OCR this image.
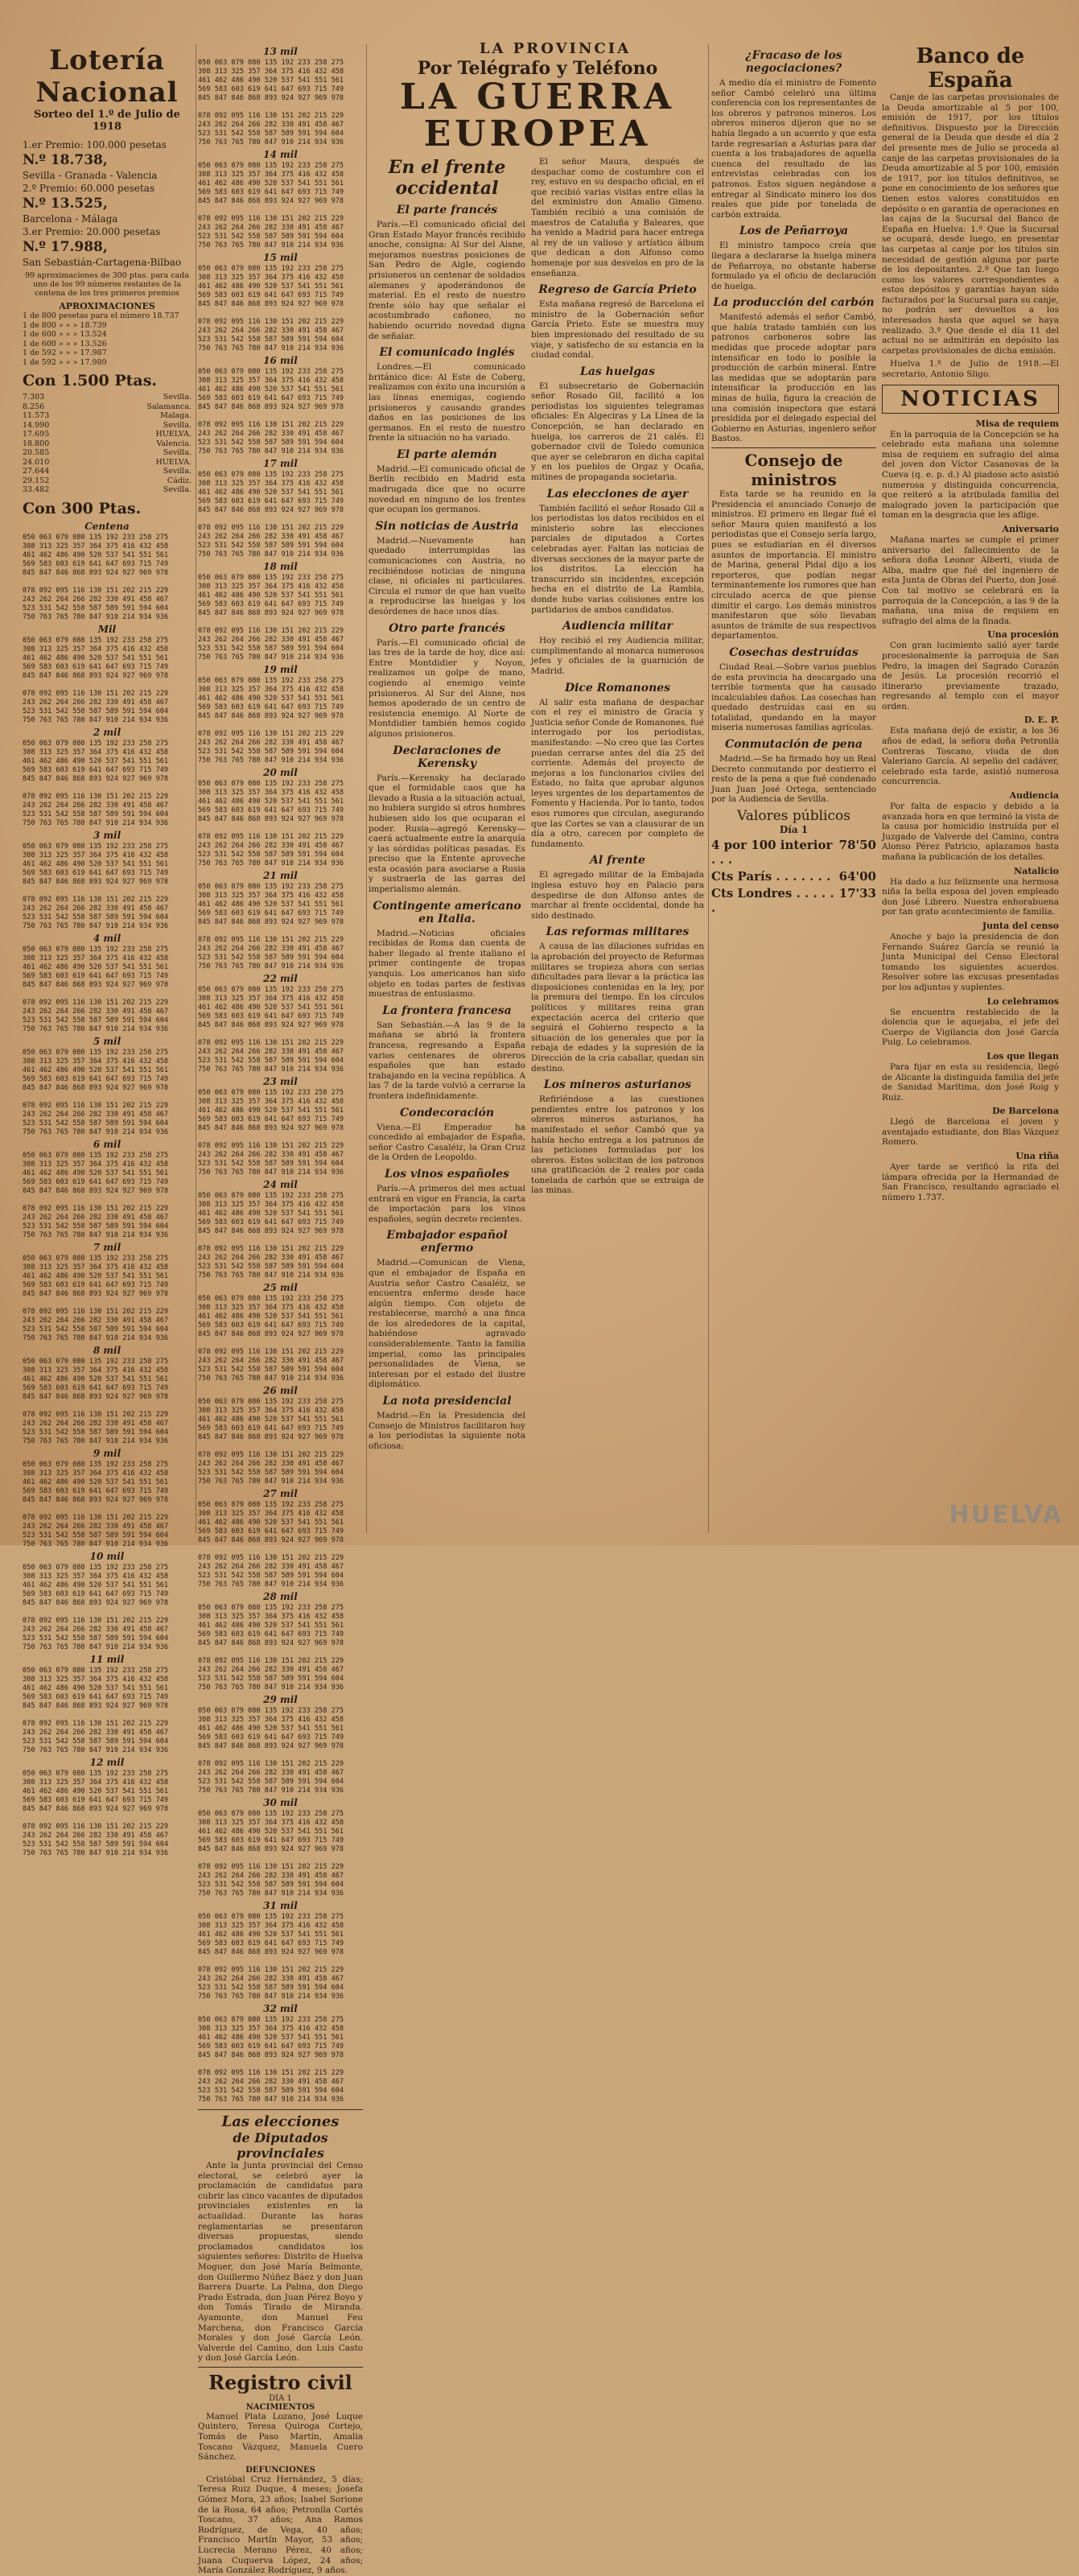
LA PROVINCIA
Lotería Nacional
Sorteo del 1.º de Julio de 1918
1.er Premio: 100.000 pesetas
N.º 18.738,
Sevilla - Granada - Valencia
2.º Premio: 60.000 pesetas
N.º 13.525,
Barcelona - Málaga
3.er Premio: 20.000 pesetas
N.º 17.988,
San Sebastián-Cartagena-Bilbao
99 aproximaciones de 300 ptas. para cada uno de los 99 números restantes de la centena de los tres primeros premios
APROXIMACIONES
1 de 800 pesetas para el número 18.737
1 de 800 » » » 18.739
1 de 600 » » » 13.524
1 de 600 » » » 13.526
1 de 592 » » » 17.987
1 de 592 » » » 17.989
Con 1.500 Ptas.
7.303	Sevilla.
8.256	Salamanca.
11.573	Malaga.
14.990	Sevilla.
17.695	HUELVA.
18.800	Valencia.
20.585	Sevilla.
24.010	HUELVA.
27.644	Sevilla.
29.152	Cádiz.
33.482	Sevilla.
Con 300 Ptas.
Centena
050 063 079 080 135 192 233 258 275
308 313 325 357 364 375 416 432 458
461 462 486 490 520 537 541 551 561
569 583 603 619 641 647 693 715 749
845 847 846 868 893 924 927 969 978

078 092 095 116 130 151 202 215 229
243 262 264 266 282 330 491 458 467
523 531 542 558 587 589 591 594 604
750 763 765 780 847 910 214 934 936
Mil
050 063 079 080 135 192 233 258 275
308 313 325 357 364 375 416 432 458
461 462 486 490 520 537 541 551 561
569 583 603 619 641 647 693 715 749
845 847 846 868 893 924 927 969 978

078 092 095 116 130 151 202 215 229
243 262 264 266 282 330 491 458 467
523 531 542 558 587 589 591 594 604
750 763 765 780 847 910 214 934 936
2 mil
050 063 079 080 135 192 233 258 275
308 313 325 357 364 375 416 432 458
461 462 486 490 520 537 541 551 561
569 583 603 619 641 647 693 715 749
845 847 846 868 893 924 927 969 978

078 092 095 116 130 151 202 215 229
243 262 264 266 282 330 491 458 467
523 531 542 558 587 589 591 594 604
750 763 765 780 847 910 214 934 936
3 mil
050 063 079 080 135 192 233 258 275
308 313 325 357 364 375 416 432 458
461 462 486 490 520 537 541 551 561
569 583 603 619 641 647 693 715 749
845 847 846 868 893 924 927 969 978

078 092 095 116 130 151 202 215 229
243 262 264 266 282 330 491 458 467
523 531 542 558 587 589 591 594 604
750 763 765 780 847 910 214 934 936
4 mil
050 063 079 080 135 192 233 258 275
308 313 325 357 364 375 416 432 458
461 462 486 490 520 537 541 551 561
569 583 603 619 641 647 693 715 749
845 847 846 868 893 924 927 969 978

078 092 095 116 130 151 202 215 229
243 262 264 266 282 330 491 458 467
523 531 542 558 587 589 591 594 604
750 763 765 780 847 910 214 934 936
5 mil
050 063 079 080 135 192 233 258 275
308 313 325 357 364 375 416 432 458
461 462 486 490 520 537 541 551 561
569 583 603 619 641 647 693 715 749
845 847 846 868 893 924 927 969 978

078 092 095 116 130 151 202 215 229
243 262 264 266 282 330 491 458 467
523 531 542 558 587 589 591 594 604
750 763 765 780 847 910 214 934 936
6 mil
050 063 079 080 135 192 233 258 275
308 313 325 357 364 375 416 432 458
461 462 486 490 520 537 541 551 561
569 583 603 619 641 647 693 715 749
845 847 846 868 893 924 927 969 978

078 092 095 116 130 151 202 215 229
243 262 264 266 282 330 491 458 467
523 531 542 558 587 589 591 594 604
750 763 765 780 847 910 214 934 936
7 mil
050 063 079 080 135 192 233 258 275
308 313 325 357 364 375 416 432 458
461 462 486 490 520 537 541 551 561
569 583 603 619 641 647 693 715 749
845 847 846 868 893 924 927 969 978

078 092 095 116 130 151 202 215 229
243 262 264 266 282 330 491 458 467
523 531 542 558 587 589 591 594 604
750 763 765 780 847 910 214 934 936
8 mil
050 063 079 080 135 192 233 258 275
308 313 325 357 364 375 416 432 458
461 462 486 490 520 537 541 551 561
569 583 603 619 641 647 693 715 749
845 847 846 868 893 924 927 969 978

078 092 095 116 130 151 202 215 229
243 262 264 266 282 330 491 458 467
523 531 542 558 587 589 591 594 604
750 763 765 780 847 910 214 934 936
9 mil
050 063 079 080 135 192 233 258 275
308 313 325 357 364 375 416 432 458
461 462 486 490 520 537 541 551 561
569 583 603 619 641 647 693 715 749
845 847 846 868 893 924 927 969 978

078 092 095 116 130 151 202 215 229
243 262 264 266 282 330 491 458 467
523 531 542 558 587 589 591 594 604
750 763 765 780 847 910 214 934 936
10 mil
050 063 079 080 135 192 233 258 275
308 313 325 357 364 375 416 432 458
461 462 486 490 520 537 541 551 561
569 583 603 619 641 647 693 715 749
845 847 846 868 893 924 927 969 978

078 092 095 116 130 151 202 215 229
243 262 264 266 282 330 491 458 467
523 531 542 558 587 589 591 594 604
750 763 765 780 847 910 214 934 936
11 mil
050 063 079 080 135 192 233 258 275
308 313 325 357 364 375 416 432 458
461 462 486 490 520 537 541 551 561
569 583 603 619 641 647 693 715 749
845 847 846 868 893 924 927 969 978

078 092 095 116 130 151 202 215 229
243 262 264 266 282 330 491 458 467
523 531 542 558 587 589 591 594 604
750 763 765 780 847 910 214 934 936
12 mil
050 063 079 080 135 192 233 258 275
308 313 325 357 364 375 416 432 458
461 462 486 490 520 537 541 551 561
569 583 603 619 641 647 693 715 749
845 847 846 868 893 924 927 969 978

078 092 095 116 130 151 202 215 229
243 262 264 266 282 330 491 458 467
523 531 542 558 587 589 591 594 604
750 763 765 780 847 910 214 934 936
13 mil
050 063 079 080 135 192 233 258 275
308 313 325 357 364 375 416 432 458
461 462 486 490 520 537 541 551 561
569 583 603 619 641 647 693 715 749
845 847 846 868 893 924 927 969 978

078 092 095 116 130 151 202 215 229
243 262 264 266 282 330 491 458 467
523 531 542 558 587 589 591 594 604
750 763 765 780 847 910 214 934 936
14 mil
050 063 079 080 135 192 233 258 275
308 313 325 357 364 375 416 432 458
461 462 486 490 520 537 541 551 561
569 583 603 619 641 647 693 715 749
845 847 846 868 893 924 927 969 978

078 092 095 116 130 151 202 215 229
243 262 264 266 282 330 491 458 467
523 531 542 558 587 589 591 594 604
750 763 765 780 847 910 214 934 936
15 mil
050 063 079 080 135 192 233 258 275
308 313 325 357 364 375 416 432 458
461 462 486 490 520 537 541 551 561
569 583 603 619 641 647 693 715 749
845 847 846 868 893 924 927 969 978

078 092 095 116 130 151 202 215 229
243 262 264 266 282 330 491 458 467
523 531 542 558 587 589 591 594 604
750 763 765 780 847 910 214 934 936
16 mil
050 063 079 080 135 192 233 258 275
308 313 325 357 364 375 416 432 458
461 462 486 490 520 537 541 551 561
569 583 603 619 641 647 693 715 749
845 847 846 868 893 924 927 969 978

078 092 095 116 130 151 202 215 229
243 262 264 266 282 330 491 458 467
523 531 542 558 587 589 591 594 604
750 763 765 780 847 910 214 934 936
17 mil
050 063 079 080 135 192 233 258 275
308 313 325 357 364 375 416 432 458
461 462 486 490 520 537 541 551 561
569 583 603 619 641 647 693 715 749
845 847 846 868 893 924 927 969 978

078 092 095 116 130 151 202 215 229
243 262 264 266 282 330 491 458 467
523 531 542 558 587 589 591 594 604
750 763 765 780 847 910 214 934 936
18 mil
050 063 079 080 135 192 233 258 275
308 313 325 357 364 375 416 432 458
461 462 486 490 520 537 541 551 561
569 583 603 619 641 647 693 715 749
845 847 846 868 893 924 927 969 978

078 092 095 116 130 151 202 215 229
243 262 264 266 282 330 491 458 467
523 531 542 558 587 589 591 594 604
750 763 765 780 847 910 214 934 936
19 mil
050 063 079 080 135 192 233 258 275
308 313 325 357 364 375 416 432 458
461 462 486 490 520 537 541 551 561
569 583 603 619 641 647 693 715 749
845 847 846 868 893 924 927 969 978

078 092 095 116 130 151 202 215 229
243 262 264 266 282 330 491 458 467
523 531 542 558 587 589 591 594 604
750 763 765 780 847 910 214 934 936
20 mil
050 063 079 080 135 192 233 258 275
308 313 325 357 364 375 416 432 458
461 462 486 490 520 537 541 551 561
569 583 603 619 641 647 693 715 749
845 847 846 868 893 924 927 969 978

078 092 095 116 130 151 202 215 229
243 262 264 266 282 330 491 458 467
523 531 542 558 587 589 591 594 604
750 763 765 780 847 910 214 934 936
21 mil
050 063 079 080 135 192 233 258 275
308 313 325 357 364 375 416 432 458
461 462 486 490 520 537 541 551 561
569 583 603 619 641 647 693 715 749
845 847 846 868 893 924 927 969 978

078 092 095 116 130 151 202 215 229
243 262 264 266 282 330 491 458 467
523 531 542 558 587 589 591 594 604
750 763 765 780 847 910 214 934 936
22 mil
050 063 079 080 135 192 233 258 275
308 313 325 357 364 375 416 432 458
461 462 486 490 520 537 541 551 561
569 583 603 619 641 647 693 715 749
845 847 846 868 893 924 927 969 978

078 092 095 116 130 151 202 215 229
243 262 264 266 282 330 491 458 467
523 531 542 558 587 589 591 594 604
750 763 765 780 847 910 214 934 936
23 mil
050 063 079 080 135 192 233 258 275
308 313 325 357 364 375 416 432 458
461 462 486 490 520 537 541 551 561
569 583 603 619 641 647 693 715 749
845 847 846 868 893 924 927 969 978

078 092 095 116 130 151 202 215 229
243 262 264 266 282 330 491 458 467
523 531 542 558 587 589 591 594 604
750 763 765 780 847 910 214 934 936
24 mil
050 063 079 080 135 192 233 258 275
308 313 325 357 364 375 416 432 458
461 462 486 490 520 537 541 551 561
569 583 603 619 641 647 693 715 749
845 847 846 868 893 924 927 969 978

078 092 095 116 130 151 202 215 229
243 262 264 266 282 330 491 458 467
523 531 542 558 587 589 591 594 604
750 763 765 780 847 910 214 934 936
25 mil
050 063 079 080 135 192 233 258 275
308 313 325 357 364 375 416 432 458
461 462 486 490 520 537 541 551 561
569 583 603 619 641 647 693 715 749
845 847 846 868 893 924 927 969 978

078 092 095 116 130 151 202 215 229
243 262 264 266 282 330 491 458 467
523 531 542 558 587 589 591 594 604
750 763 765 780 847 910 214 934 936
26 mil
050 063 079 080 135 192 233 258 275
308 313 325 357 364 375 416 432 458
461 462 486 490 520 537 541 551 561
569 583 603 619 641 647 693 715 749
845 847 846 868 893 924 927 969 978

078 092 095 116 130 151 202 215 229
243 262 264 266 282 330 491 458 467
523 531 542 558 587 589 591 594 604
750 763 765 780 847 910 214 934 936
27 mil
050 063 079 080 135 192 233 258 275
308 313 325 357 364 375 416 432 458
461 462 486 490 520 537 541 551 561
569 583 603 619 641 647 693 715 749
845 847 846 868 893 924 927 969 978

078 092 095 116 130 151 202 215 229
243 262 264 266 282 330 491 458 467
523 531 542 558 587 589 591 594 604
750 763 765 780 847 910 214 934 936
28 mil
050 063 079 080 135 192 233 258 275
308 313 325 357 364 375 416 432 458
461 462 486 490 520 537 541 551 561
569 583 603 619 641 647 693 715 749
845 847 846 868 893 924 927 969 978

078 092 095 116 130 151 202 215 229
243 262 264 266 282 330 491 458 467
523 531 542 558 587 589 591 594 604
750 763 765 780 847 910 214 934 936
29 mil
050 063 079 080 135 192 233 258 275
308 313 325 357 364 375 416 432 458
461 462 486 490 520 537 541 551 561
569 583 603 619 641 647 693 715 749
845 847 846 868 893 924 927 969 978

078 092 095 116 130 151 202 215 229
243 262 264 266 282 330 491 458 467
523 531 542 558 587 589 591 594 604
750 763 765 780 847 910 214 934 936
30 mil
050 063 079 080 135 192 233 258 275
308 313 325 357 364 375 416 432 458
461 462 486 490 520 537 541 551 561
569 583 603 619 641 647 693 715 749
845 847 846 868 893 924 927 969 978

078 092 095 116 130 151 202 215 229
243 262 264 266 282 330 491 458 467
523 531 542 558 587 589 591 594 604
750 763 765 780 847 910 214 934 936
31 mil
050 063 079 080 135 192 233 258 275
308 313 325 357 364 375 416 432 458
461 462 486 490 520 537 541 551 561
569 583 603 619 641 647 693 715 749
845 847 846 868 893 924 927 969 978

078 092 095 116 130 151 202 215 229
243 262 264 266 282 330 491 458 467
523 531 542 558 587 589 591 594 604
750 763 765 780 847 910 214 934 936
32 mil
050 063 079 080 135 192 233 258 275
308 313 325 357 364 375 416 432 458
461 462 486 490 520 537 541 551 561
569 583 603 619 641 647 693 715 749
845 847 846 868 893 924 927 969 978

078 092 095 116 130 151 202 215 229
243 262 264 266 282 330 491 458 467
523 531 542 558 587 589 591 594 604
750 763 765 780 847 910 214 934 936
Las elecciones
de Diputados provinciales

Ante la Junta provincial del Censo electoral, se celebró ayer la proclamación de candidatos para cubrir las cinco vacantes de diputados provinciales existentes en la actualidad. Durante las horas reglamentarias se presentaron diversas propuestas, siendo proclamados candidatos los siguientes señores: Distrito de Huelva Moguer, don José María Belmonte, don Guillermo Núñez Báez y don Juan Barrera Duarte. La Palma, don Diego Prado Estrada, don Juan Pérez Boyo y don Tomás Tirado de Miranda. Ayamonte, don Manuel Feu Marchena, don Francisco García Morales y don José García León. Valverde del Camino, don Luis Casto y don José García León.

Registro civil
DIA 1
NACIMIENTOS

Manuel Plata Lozano, José Luque Quintero, Teresa Quiroga Cortejo, Tomás de Paso Martín, Amalia Toscano Vázquez, Manuela Cuero Sánchez.

DEFUNCIONES

Cristóbal Cruz Hernández, 5 días; Teresa Ruiz Duque, 4 meses; Josefa Gómez Mora, 23 años; Isabel Sorione de la Rosa, 64 años; Petronila Cortés Toscano, 37 años; Ana Ramos Rodríguez, de Vega, 40 años; Francisco Martín Mayor, 53 años; Lucrecia Merano Pérez, 40 años; Juana Cuquerva López, 24 años; María González Rodríguez, 9 años.

Por Telégrafo y Teléfono
LA GUERRA EUROPEA
En el frente occidental
El parte francés

París.—El comunicado oficial del Gran Estado Mayor francés recibido anoche, consigna: Al Sur del Aisne, mejoramos nuestras posiciones de San Pedro de Aigle, cogiendo prisioneros un centenar de soldados alemanes y apoderándonos de material. En el resto de nuestro frente sólo hay que señalar el acostumbrado cañoneo, no habiendo ocurrido novedad digna de señalar.

El comunicado inglés

Londres.—El comunicado británico dice: Al Este de Coberg, realizamos con éxito una incursión a las líneas enemigas, cogiendo prisioneros y causando grandes daños en las posiciones de los germanos. En el resto de nuestro frente la situación no ha variado.

El parte alemán

Madrid.—El comunicado oficial de Berlín recibido en Madrid esta madrugada dice que no ocurre novedad en ninguno de los frentes que ocupan los germanos.

Sin noticias de Austria

Madrid.—Nuevamente han quedado interrumpidas las comunicaciones con Austria, no recibiéndose noticias de ninguna clase, ni oficiales ni particulares. Circula el rumor de que han vuelto a reproducirse las huelgas y los desórdenes de hace unos días.

Otro parte francés

París.—El comunicado oficial de las tres de la tarde de hoy, dice así: Entre Montdidier y Noyon, realizamos un golpe de mano, cogiendo al enemigo veinte prisioneros. Al Sur del Aisne, nos hemos apoderado de un centro de resistencia enemigo. Al Norte de Montdidier también hemos cogido algunos prisioneros.

Declaraciones de Kerensky

París.—Kerensky ha declarado que el formidable caos que ha llevado a Rusia a la situación actual, no hubiera surgido si otros hombres hubiesen sido los que ocuparan el poder. Rusia—agregó Kerensky—caerá actualmente entre la anarquía y las sórdidas políticas pasadas. Es preciso que la Entente aproveche esta ocasión para asociarse a Rusia y sustraerla de las garras del imperialismo alemán.

Contingente americano en Italia.

Madrid.—Noticias oficiales recibidas de Roma dan cuenta de haber llegado al frente italiano el primer contingente de tropas yanquis. Los americanos han sido objeto en todas partes de festivas muestras de entusiasmo.

La frontera francesa

San Sebastián.—A las 9 de la mañana se abrió la frontera francesa, regresando a España varios centenares de obreros españoles que han estado trabajando en la vecina república. A las 7 de la tarde volvió a cerrarse la frontera indefinidamente.

Condecoración

Viena.—El Emperador ha concedido al embajador de España, señor Castro Casaléiz, la Gran Cruz de la Orden de Leopoldo.

Los vinos españoles

París.—A primeros del mes actual entrará en vigor en Francia, la carta de importación para los vinos españoles, según decreto recientes.

Embajador español enfermo

Madrid.—Comunican de Viena, que el embajador de España en Austria señor Castro Casaléiz, se encuentra enfermo desde hace algún tiempo. Con objeto de restablecerse, marchó a una finca de los alrededores de la capital, habiéndose agravado considerablemente. Tanto la familia imperial, como las principales personalidades de Viena, se interesan por el estado del ilustre diplomático.

La nota presidencial

Madrid.—En la Presidencia del Consejo de Ministros facilitaron hoy a los periodistas la siguiente nota oficiosa:

El señor Maura, después de despachar como de costumbre con el rey, estuvo en su despacho oficial, en el que recibió varias visitas entre ellas la del exministro don Amalio Gimeno. También recibió a una comisión de maestros de Cataluña y Baleares, que ha venido a Madrid para hacer entrega al rey de un valioso y artístico álbum que dedican a don Alfonso como homenaje por sus desvelos en pro de la enseñanza.

Regreso de García Prieto

Esta mañana regresó de Barcelona el ministro de la Gobernación señor García Prieto. Este se muestra muy bien impresionado del resultado de su viaje, y satisfecho de su estancia en la ciudad condal.

Las huelgas

El subsecretario de Gobernación señor Rosado Gil, facilitó a los periodistas los siguientes telegramas oficiales: En Algeciras y La Línea de la Concepción, se han declarado en huelga, los carreros de 21 calés. El gobernador civil de Toledo comunica que ayer se celebraron en dicha capital y en los pueblos de Orgaz y Ocaña, mitines de propaganda societaria.

Las elecciones de ayer

También facilitó el señor Rosado Gil a los periodistas los datos recibidos en el ministerio sobre las elecciones parciales de diputados a Cortes celebradas ayer. Faltan las noticias de diversas secciones de la mayor parte de los distritos. La elección ha transcurrido sin incidentes, excepción hecha en el distrito de La Rambla, donde hubo varias colisiones entre los partidarios de ambos candidatos.

Audiencia militar

Hoy recibió el rey Audiencia militar, cumplimentando al monarca numerosos jefes y oficiales de la guarnición de Madrid.

Dice Romanones

Al salir esta mañana de despachar con el rey el ministro de Gracia y Justicia señor Conde de Romanones, fué interrogado por los periodistas, manifestando: —No creo que las Cortes puedan cerrarse antes del día 25 del corriente. Además del proyecto de mejoras a los funcionarios civiles del Estado, no falta que aprobar algunos leyes urgentes de los departamentos de Fomento y Hacienda. Por lo tanto, todos esos rumores que circulan, asegurando que las Cortes se van a clausurar de un día a otro, carecen por completo de fundamento.

Al frente

El agregado militar de la Embajada inglesa estuvo hoy en Palacio para despedirse de don Alfonso antes de marchar al frente occidental, donde ha sido destinado.

Las reformas militares

A causa de las dilaciones sufridas en la aprobación del proyecto de Reformas militares se tropieza ahora con serias dificultades para llevar a la práctica las disposiciones contenidas en la ley, por la premura del tiempo. En los círculos políticos y militares reina gran expectación acerca del criterio que seguirá el Gobierno respecto a la situación de los generales que por la rebaja de edades y la supresión de la Dirección de la cría caballar, quedan sin destino.

Los mineros asturianos

Refiriéndose a las cuestiones pendientes entre los patronos y los obreros mineros asturianos, ha manifestado el señor Cambó que ya había hecho entrega a los patronos de las peticiones formuladas por los obreros. Estos solicitan de los patronos una gratificación de 2 reales por cada tonelada de carbón que se extraiga de las minas.

¿Fracaso de los negociaciones?

A medio día el ministro de Fomento señor Cambó celebró una última conferencia con los representantes de los obreros y patronos mineros. Los obreros mineros dijeron que no se había llegado a un acuerdo y que esta tarde regresarían a Asturias para dar cuenta a los trabajadores de aquella cuenca del resultado de las entrevistas celebradas con los patronos. Estos siguen negándose a entregar al Sindicato minero los dos reales que pide por tonelada de carbón extraída.

Los de Peñarroya

El ministro tampoco creía que llegara a declararse la huelga minera de Peñarroya, no obstante haberse formulado ya el oficio de declaración de huelga.

La producción del carbón

Manifestó además el señor Cambó, que había tratado también con los patronos carboneros sobre las medidas que procede adoptar para intensificar en todo lo posible la producción de carbón mineral. Entre las medidas que se adoptarán para intensificar la producción en las minas de hulla, figura la creación de una comisión inspectora que estará presidida por el delegado especial del Gobierno en Asturias, ingeniero señor Bastos.

Consejo de ministros

Esta tarde se ha reunido en la Presidencia el anunciado Consejo de ministros. El primero en llegar fué el señor Maura quien manifestó a los periodistas que el Consejo sería largo, pues se estudiarían en él diversos asuntos de importancia. El ministro de Marina, general Pidal dijo a los reporteros, que podían negar terminantemente los rumores que han circulado acerca de que piense dimitir el cargo. Los demás ministros manifestaron que sólo llevaban asuntos de trámite de sus respectivos departamentos.

Cosechas destruídas

Ciudad Real.—Sobre varios pueblos de esta provincia ha descargado una terrible tormenta que ha causado incalculables daños. Las cosechas han quedado destruídas casi en su totalidad, quedando en la mayor miseria numerosas familias agrícolas.

Conmutación de pena

Madrid.—Se ha firmado hoy un Real Decreto conmutando por destierro el resto de la pena a que fué condenado Juan Juan José Ortega, sentenciado por la Audiencia de Sevilla.

Valores públicos
Día 1
4 por 100 interior . . .
78'50
Cts París . . . . . . . 64'00
Cts Londres . . . . . .
17'33
Banco de España

Canje de las carpetas provisionales de la Deuda amortizable al 5 por 100, emisión de 1917, por los títulos definitivos. Dispuesto por la Dirección general de la Deuda que desde el día 2 del presente mes de Julio se proceda al canje de las carpetas provisionales de la Deuda amortizable al 5 por 100, emisión de 1917, por los títulos definitivos, se pone en conocimiento de los señores que tienen estos valores constituídos en depósito o en garantía de operaciones en las cajas de la Sucursal del Banco de España en Huelva: 1.º Que la Sucursal se ocupará, desde luego, en presentar las carpetas al canje por los títulos sin necesidad de gestión alguna por parte de los depositantes. 2.º Que tan luego como los valores correspondientes a estos depósitos y garantías hayan sido facturados por la Sucursal para su canje, no podrán ser devueltos a los interesados hasta que aquel se haya realizado. 3.º Que desde el día 11 del actual no se admitirán en depósito las carpetas provisionales de dicha emisión.

Huelva 1.º de Julio de 1918.—El secretario, Antonio Sligo.

NOTICIAS
Misa de requiem

En la parroquia de la Concepción se ha celebrado esta mañana una solemne misa de requiem en sufragio del alma del joven don Víctor Casanovas de la Cueva (q. e. p. d.) Al piadoso acto asistió numerosa y distinguida concurrencia, que reiteró a la atribulada familia del malogrado joven la participación que toman en la desgracia que les aflige.

Aniversario

Mañana martes se cumple el primer aniversario del fallecimiento de la señora doña Leonor Alberti, viuda de Alba, madre que fué del ingeniero de esta Junta de Obras del Puerto, don José. Con tal motivo se celebrará en la parroquia de la Concepción, a las 9 de la mañana, una misa de requiem en sufragio del alma de la finada.

Una procesión

Con gran lucimiento salió ayer tarde procesionalmente la parroquia de San Pedro, la imagen del Sagrado Corazón de Jesús. La procesión recorrió el itinerario previamente trazado, regresando al templo con el mayor orden.

D. E. P.

Esta mañana dejó de existir, a los 36 años de edad, la señora doña Petronila Contreras Toscano, viuda de don Valeriano García. Al sepelio del cadáver, celebrado esta tarde, asistió numerosa concurrencia.

Audiencia

Por falta de espacio y debido a la avanzada hora en que terminó la vista de la causa por homicidio instruída por el Juzgado de Valverde del Camino, contra Alonso Pérez Patricio, aplazamos hasta mañana la publicación de los detalles.

Natalicio

Ha dado a luz felizmente una hermosa niña la bella esposa del joven empleado don José Librero. Nuestra enhorabuena por tan grato acontecimiento de familia.

Junta del censo

Anoche y bajo la presidencia de don Fernando Suárez García se reunió la Junta Municipal del Censo Electoral tomando los siguientes acuerdos. Resolver sobre las excusas presentadas por los adjuntos y suplentes.

Lo celebramos

Se encuentra restablecido de la dolencia que le aquejaba, el jefe del Cuerpo de Vigilancia don José García Puig. Lo celebramos.

Los que llegan

Para fijar en esta su residencia, llegó de Alicante la distinguida familia del jefe de Sanidad Marítima, don José Roig y Ruiz.

De Barcelona

Llegó de Barcelona el joven y aventajado estudiante, don Blas Vázquez Romero.

Una riña

Ayer tarde se verificó la rifa del lámpara ofrecida por la Hermandad de San Francisco, resultando agraciado el número 1.737.

HUELVA
